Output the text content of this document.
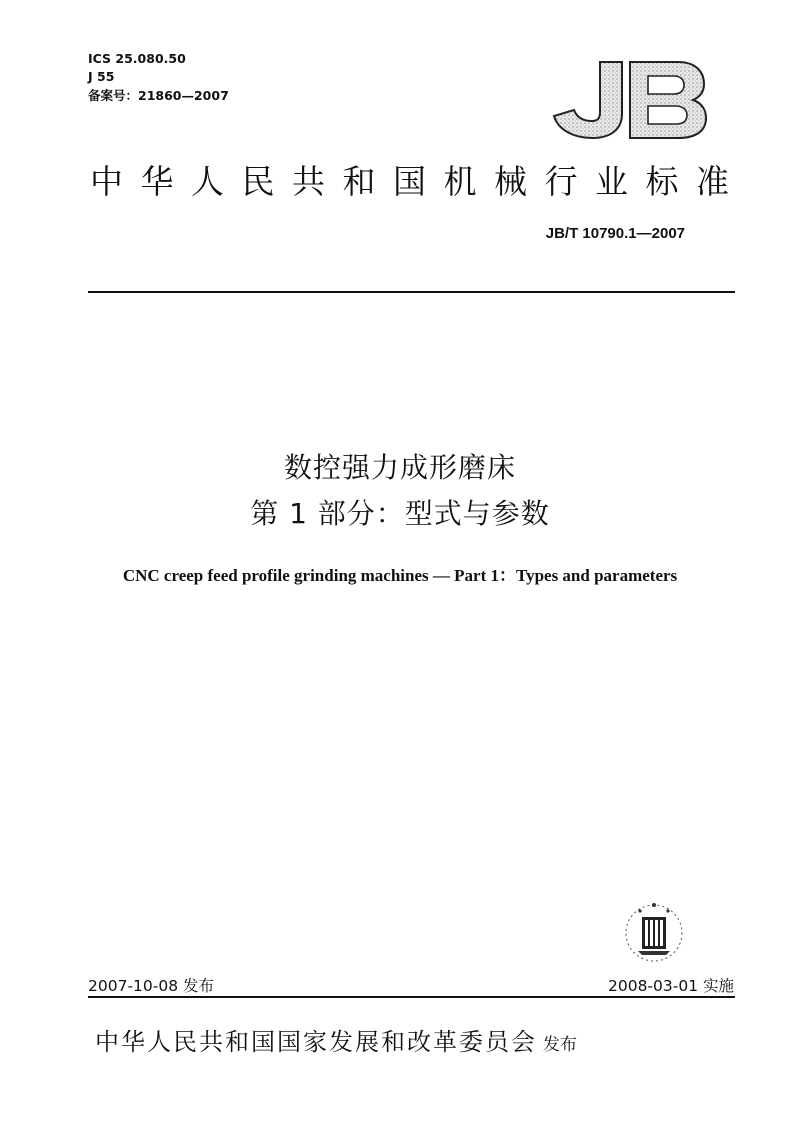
ICS 25.080.50
J 55
备案号：21860—2007
中华人民共和国机械行业标准
JB/T 10790.1—2007
数控强力成形磨床
第 1 部分：型式与参数
CNC creep feed profile grinding machines — Part 1：Types and parameters
2007-10-08 发布	2008-03-01 实施
中华人民共和国国家发展和改革委员会 发布
